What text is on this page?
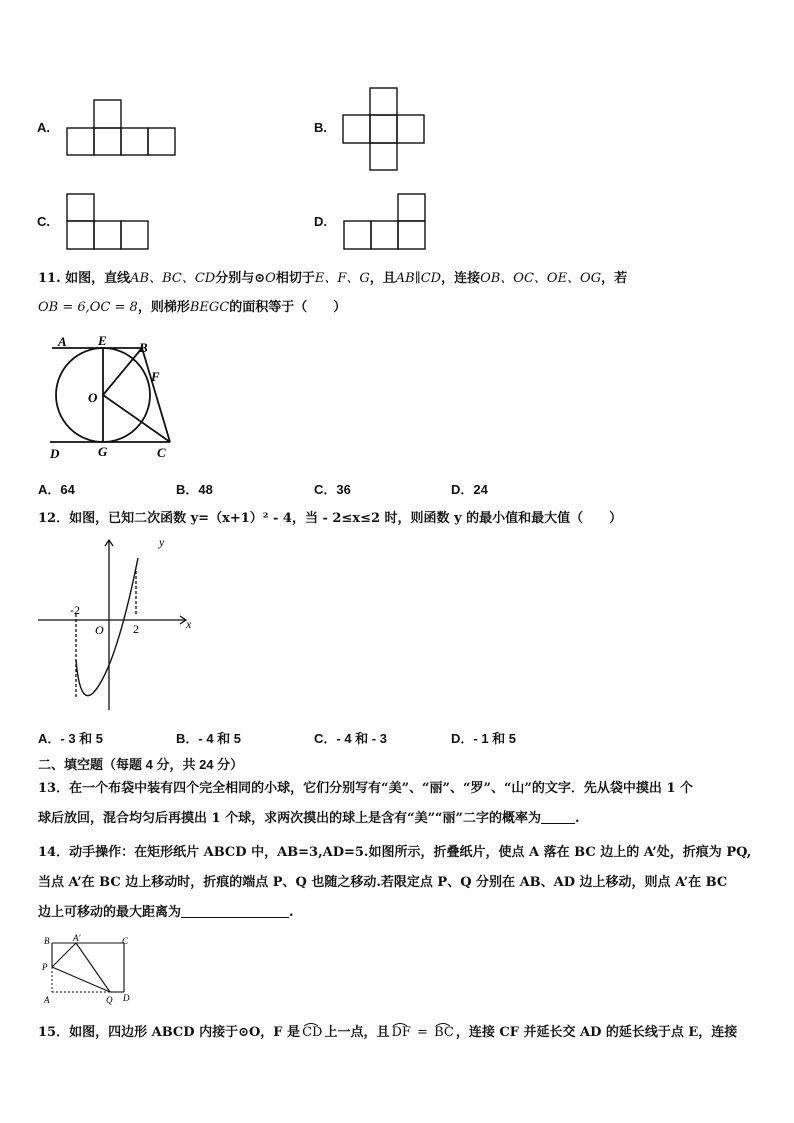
A.	B.
C.	D.
11. 如图，直线AB、BC、CD分别与⊙O相切于E、F、G，且AB∥CD，连接OB、OC、OE、OG，若
OB = 6,OC = 8，则梯形BEGC的面积等于（　　）
A E B
F
O
D	G	C
A．64	B．48	C．36	D．24
12．如图，已知二次函数 y=（x+1）² - 4，当 - 2≤x≤2 时，则函数 y 的最小值和最大值（　　）
y
x
-2
O 2
A．- 3 和 5	B．- 4 和 5	C．- 4 和 - 3	D．- 1 和 5
二、填空题（每题 4 分，共 24 分）
13．在一个布袋中装有四个完全相同的小球，它们分别写有“美”、“丽”、“罗”、“山”的文字．先从袋中摸出 1 个
球后放回，混合均匀后再摸出 1 个球，求两次摸出的球上是含有“美”“丽”二字的概率为	.
14．动手操作：在矩形纸片 ABCD 中，AB=3,AD=5.如图所示，折叠纸片，使点 A 落在 BC 边上的 A’处，折痕为 PQ,
当点 A’在 BC 边上移动时，折痕的端点 P、Q 也随之移动.若限定点 P、Q 分别在 AB、AD 边上移动，则点 A’在 BC
边上可移动的最大距离为	.
B	A'	C
P
A	Q D
15．如图，四边形 ABCD 内接于⊙O，F 是 CD 上一点，且 DF
= BC ，连接 CF 并延长交 AD 的延长线于点 E，连接
